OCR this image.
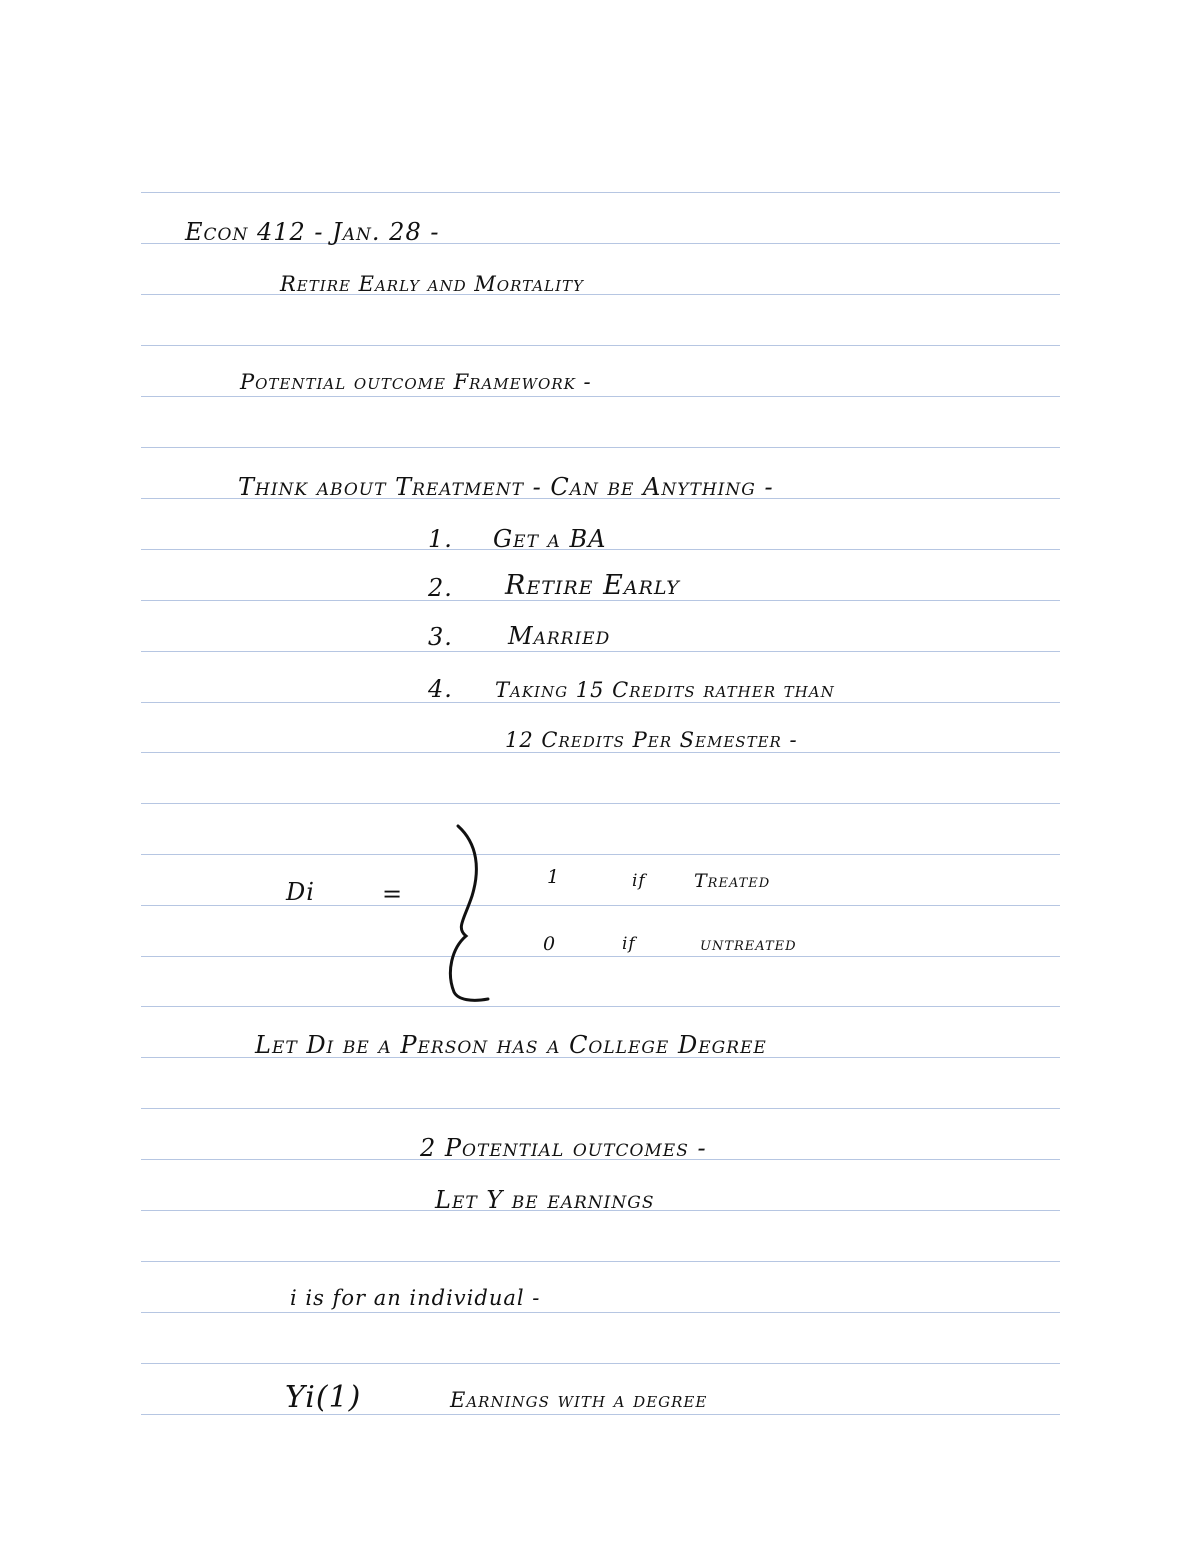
Econ 412 - Jan. 28 -
Retire Early and Mortality
Potential outcome Framework -
Think about Treatment - Can be Anything -
1. Get a BA
2. Retire Early
3. Married
4. Taking 15 Credits rather than
12 Credits Per Semester -
Di	=
1	if	Treated
0	if	untreated
Let Di be a Person has a College Degree
2 Potential outcomes -
Let Y be earnings
i is for an individual -
Yi(1)	Earnings with a degree
